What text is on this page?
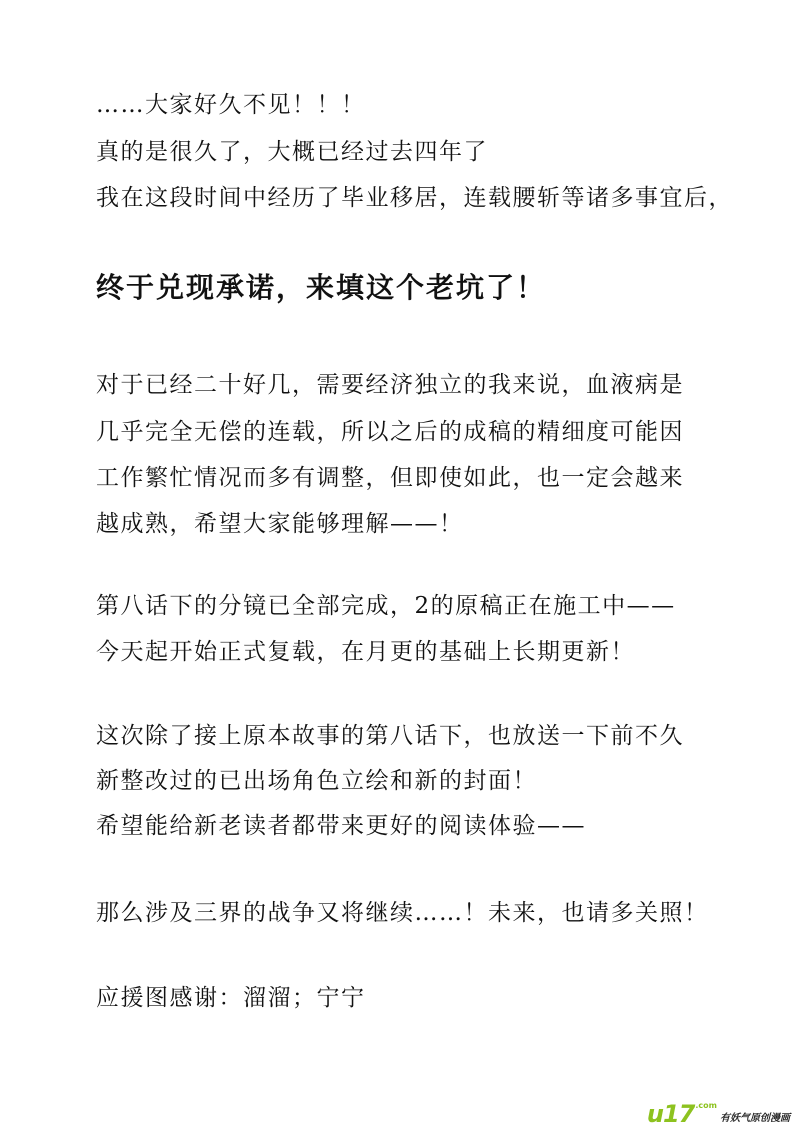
……大家好久不见！！！
真的是很久了，大概已经过去四年了
我在这段时间中经历了毕业移居，连载腰斩等诸多事宜后，
终于兑现承诺，来填这个老坑了！
对于已经二十好几，需要经济独立的我来说，血液病是
几乎完全无偿的连载，所以之后的成稿的精细度可能因
工作繁忙情况而多有调整，但即使如此，也一定会越来
越成熟，希望大家能够理解——！
第八话下的分镜已全部完成，2的原稿正在施工中——
今天起开始正式复载，在月更的基础上长期更新！
这次除了接上原本故事的第八话下，也放送一下前不久
新整改过的已出场角色立绘和新的封面！
希望能给新老读者都带来更好的阅读体验——
那么涉及三界的战争又将继续……！未来，也请多关照！
应援图感谢：溜溜；宁宁
u17 .com
有妖气原创漫画
